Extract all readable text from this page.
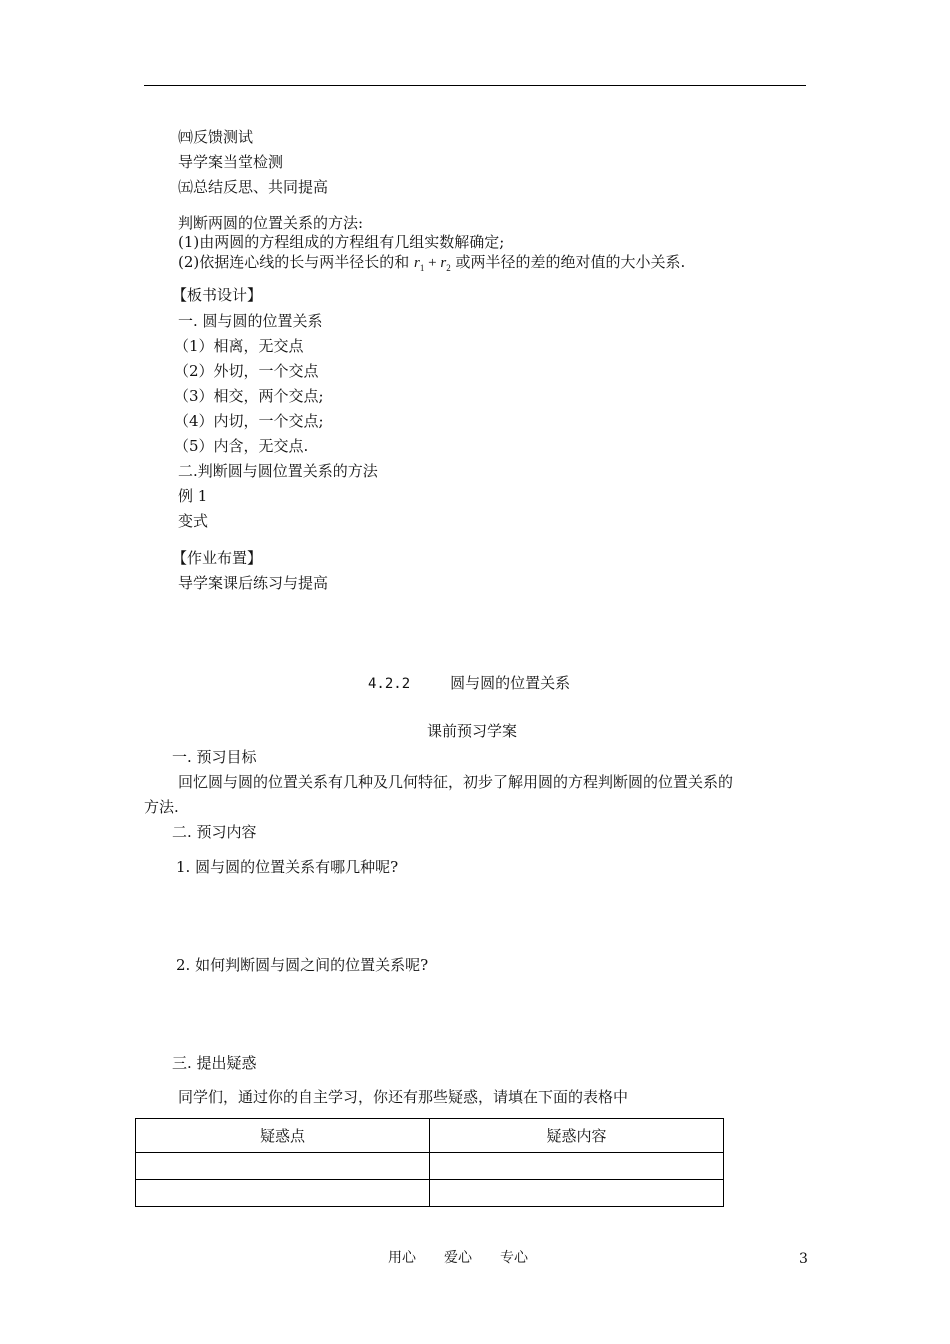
㈣反馈测试
导学案当堂检测
㈤总结反思、共同提高
判断两圆的位置关系的方法:
(1)由两圆的方程组成的方程组有几组实数解确定;
(2)依据连心线的长与两半径长的和 $r_1 + r_2$ 或两半径的差的绝对值的大小关系.
【板书设计】
一. 圆与圆的位置关系
（1）相离，无交点
（2）外切，一个交点
（3）相交，两个交点;
（4）内切，一个交点;
（5）内含，无交点.
二.判断圆与圆位置关系的方法
例 1
变式
【作业布置】
导学案课后练习与提高
4.2.2	圆与圆的位置关系
课前预习学案
一. 预习目标
回忆圆与圆的位置关系有几种及几何特征，初步了解用圆的方程判断圆的位置关系的
方法.
二. 预习内容
1. 圆与圆的位置关系有哪几种呢?
2. 如何判断圆与圆之间的位置关系呢?
三. 提出疑惑
同学们，通过你的自主学习，你还有那些疑惑，请填在下面的表格中
疑惑点	疑惑内容

用心　　爱心　　专心	3
